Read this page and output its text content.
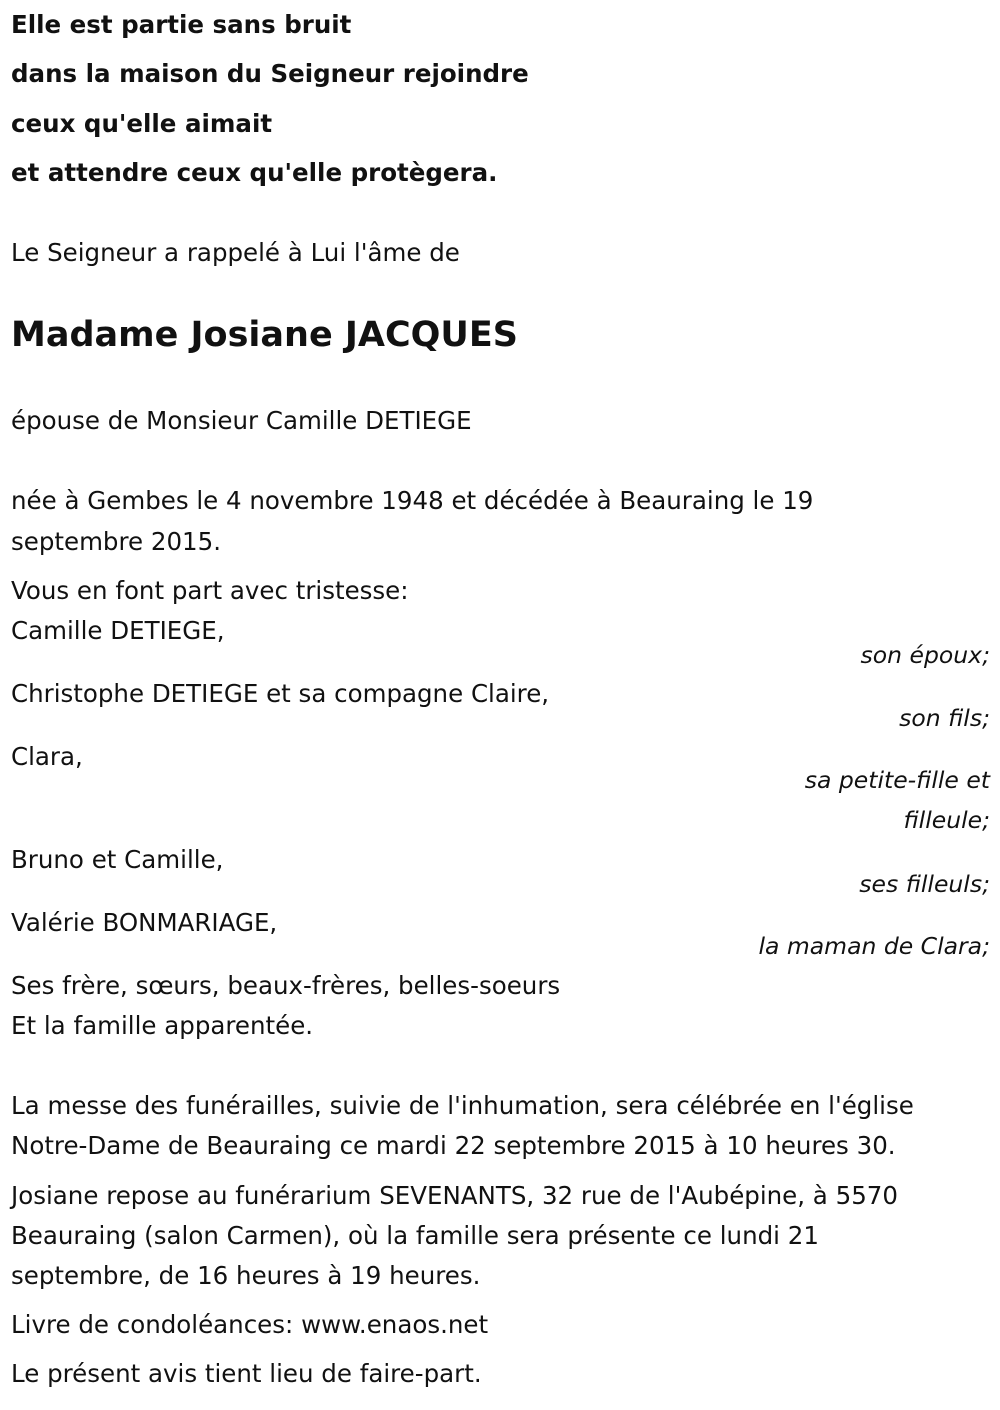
Elle est partie sans bruit
dans la maison du Seigneur rejoindre
ceux qu'elle aimait
et attendre ceux qu'elle protègera.
Le Seigneur a rappelé à Lui l'âme de
Madame Josiane JACQUES
épouse de Monsieur Camille DETIEGE
née à Gembes le 4 novembre 1948 et décédée à Beauraing le 19
septembre 2015.
Vous en font part avec tristesse:
Camille DETIEGE,
son époux;
Christophe DETIEGE et sa compagne Claire,
son fils;
Clara,
sa petite-fille et
filleule;
Bruno et Camille,
ses filleuls;
Valérie BONMARIAGE,
la maman de Clara;
Ses frère, sœurs, beaux-frères, belles-soeurs
Et la famille apparentée.
La messe des funérailles, suivie de l'inhumation, sera célébrée en l'église
Notre-Dame de Beauraing ce mardi 22 septembre 2015 à 10 heures 30.
Josiane repose au funérarium SEVENANTS, 32 rue de l'Aubépine, à 5570
Beauraing (salon Carmen), où la famille sera présente ce lundi 21
septembre, de 16 heures à 19 heures.
Livre de condoléances: www.enaos.net
Le présent avis tient lieu de faire-part.
